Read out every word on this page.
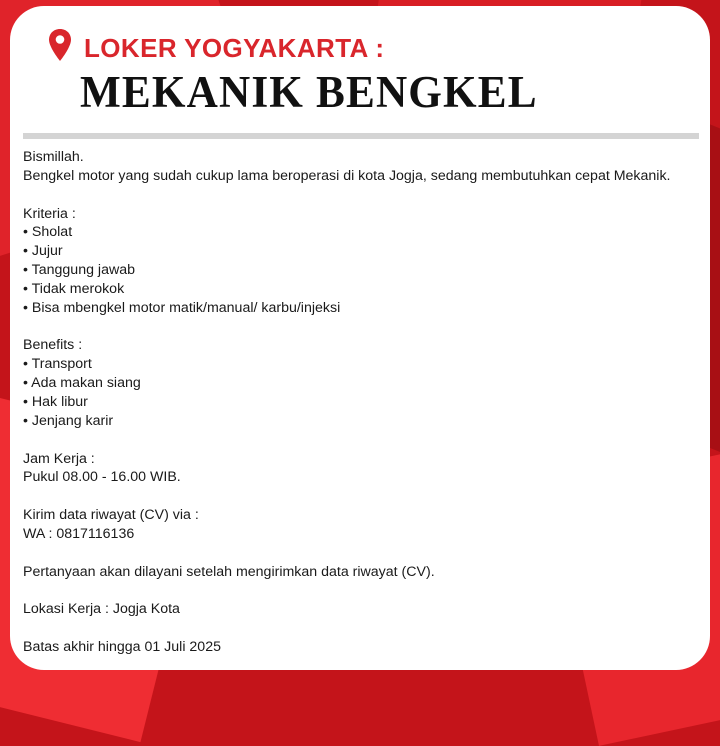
LOKER YOGYAKARTA :
MEKANIK BENGKEL
Bismillah.
Bengkel motor yang sudah cukup lama beroperasi di kota Jogja, sedang membutuhkan cepat Mekanik.
Kriteria :
• Sholat
• Jujur
• Tanggung jawab
• Tidak merokok
• Bisa mbengkel motor matik/manual/ karbu/injeksi
Benefits :
• Transport
• Ada makan siang
• Hak libur
• Jenjang karir
Jam Kerja :
Pukul 08.00 - 16.00 WIB.
Kirim data riwayat (CV) via :
WA : 0817116136
Pertanyaan akan dilayani setelah mengirimkan data riwayat (CV).
Lokasi Kerja : Jogja Kota
Batas akhir hingga 01 Juli 2025
